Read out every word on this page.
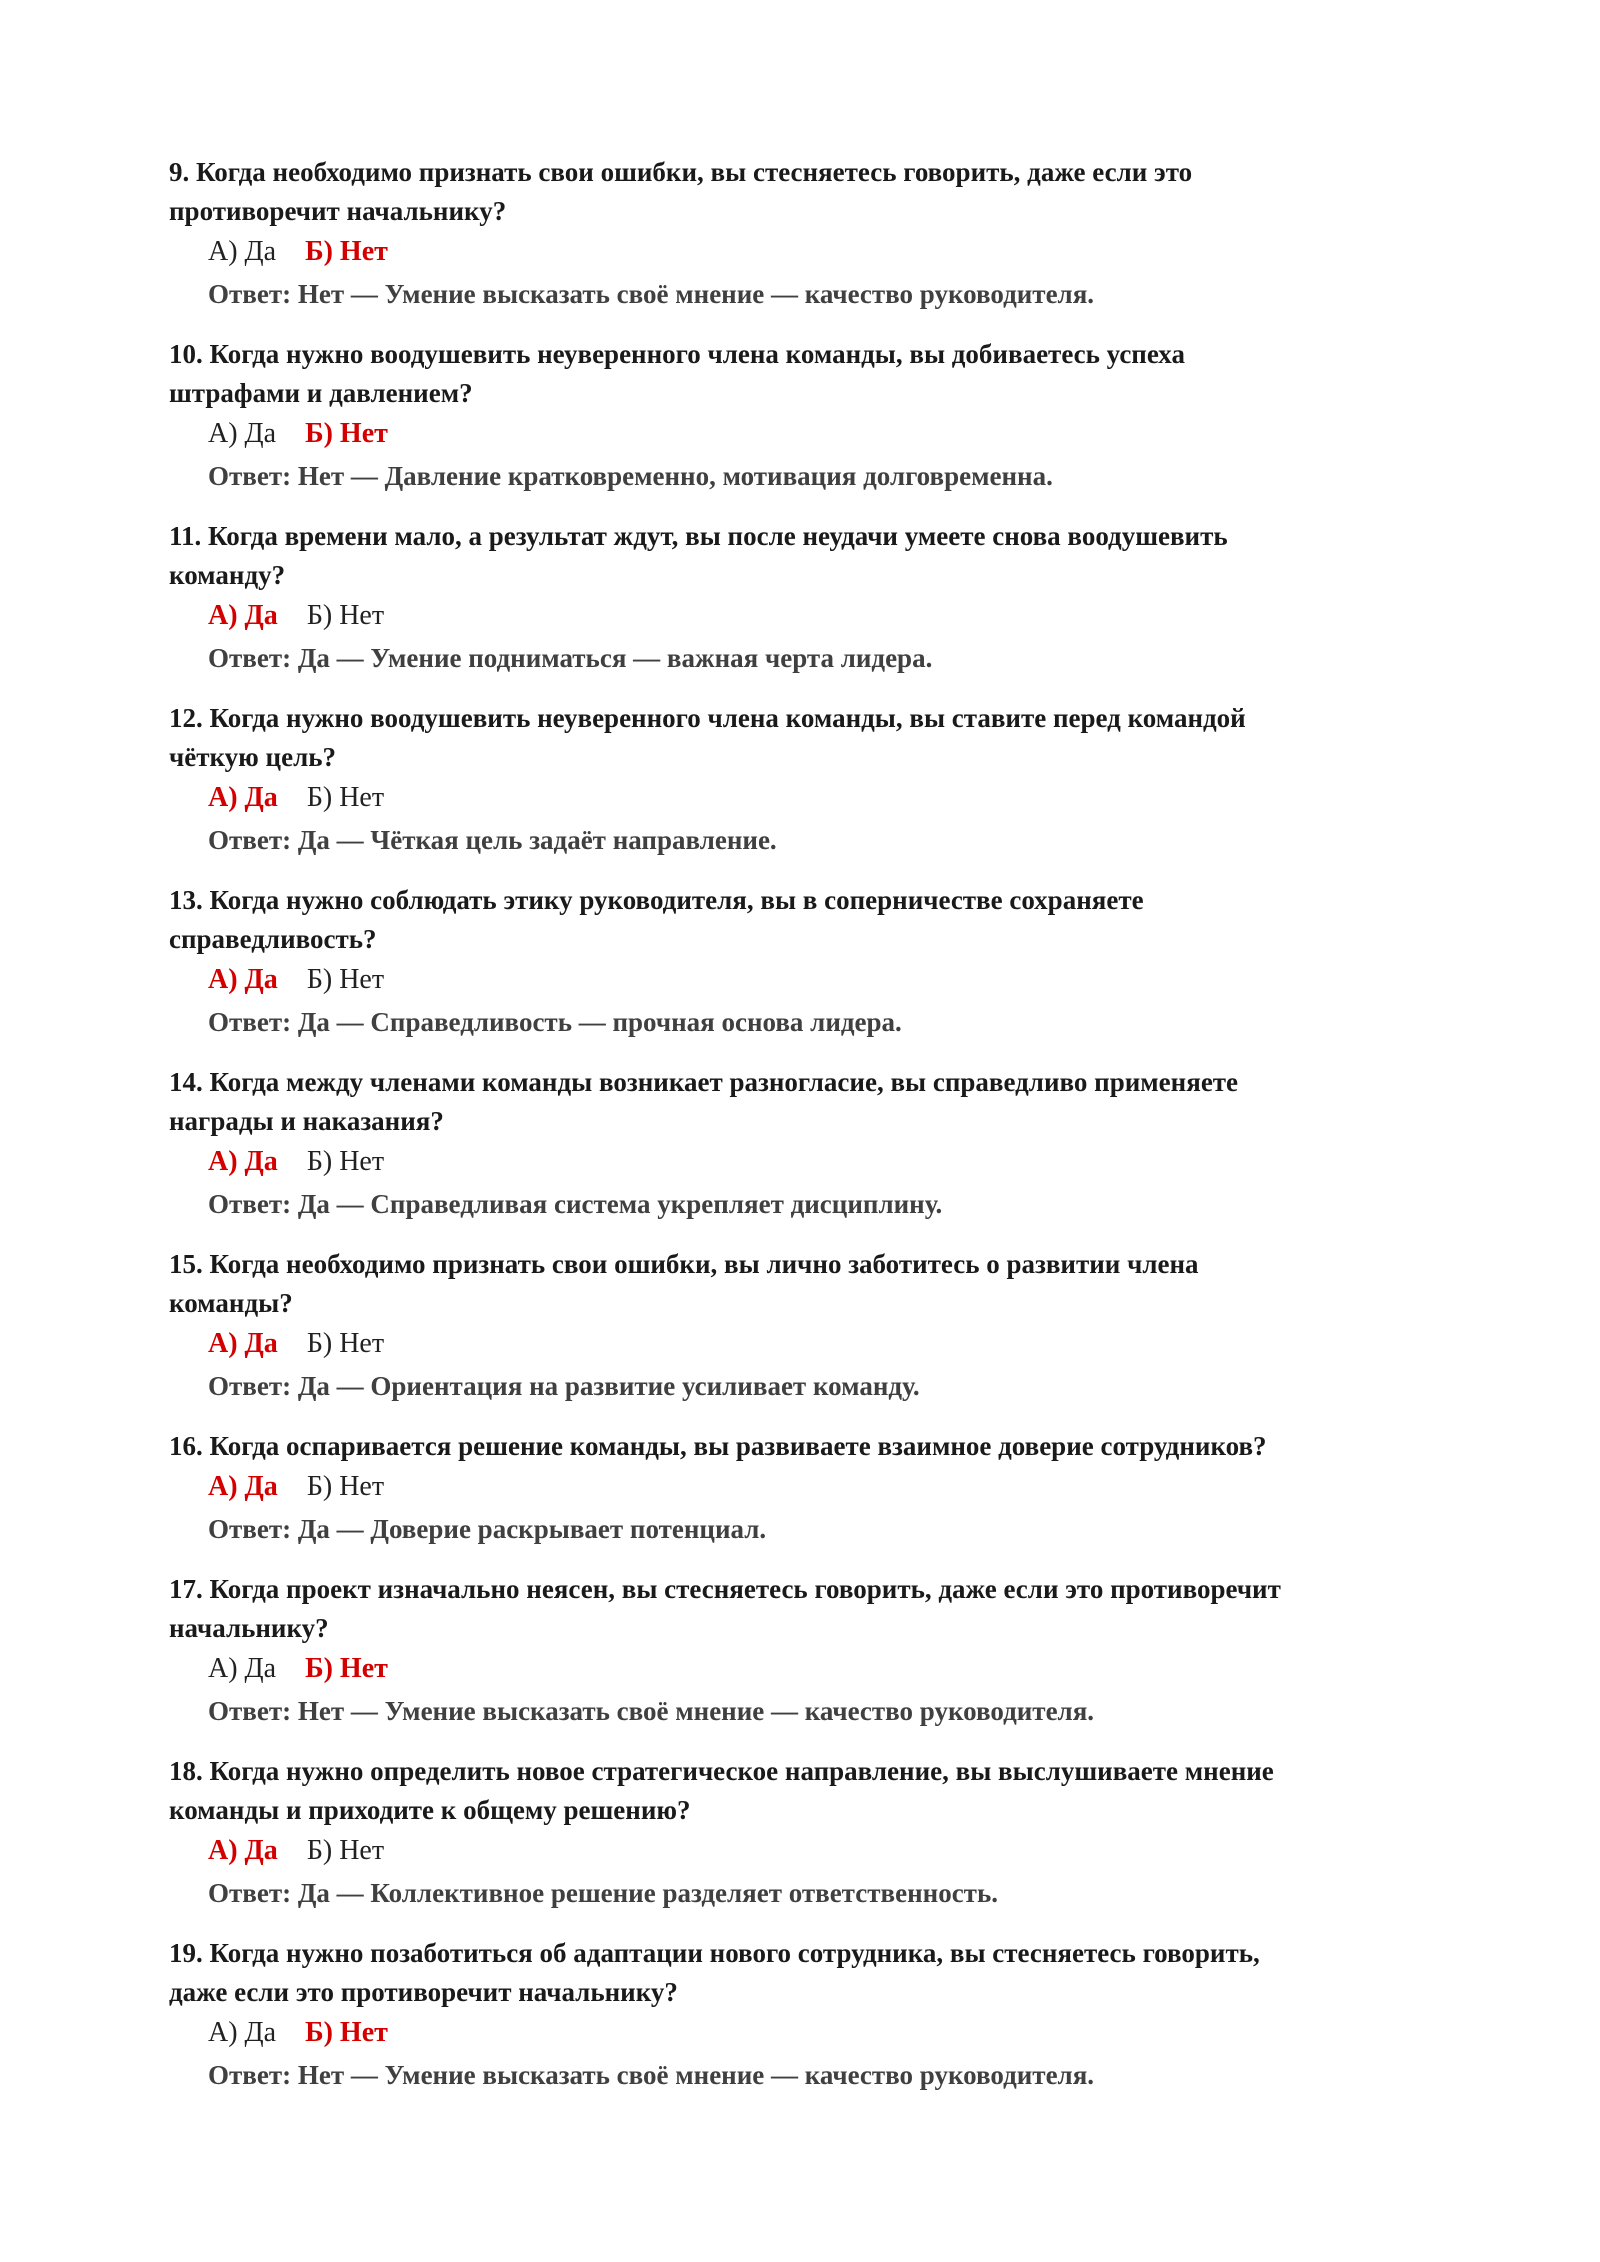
9. Когда необходимо признать свои ошибки, вы стесняетесь говорить, даже если это
противоречит начальнику?
А) Да Б) Нет
Ответ: Нет — Умение высказать своё мнение — качество руководителя.
10. Когда нужно воодушевить неуверенного члена команды, вы добиваетесь успеха
штрафами и давлением?
А) Да Б) Нет
Ответ: Нет — Давление кратковременно, мотивация долговременна.
11. Когда времени мало, а результат ждут, вы после неудачи умеете снова воодушевить
команду?
А) Да Б) Нет
Ответ: Да — Умение подниматься — важная черта лидера.
12. Когда нужно воодушевить неуверенного члена команды, вы ставите перед командой
чёткую цель?
А) Да Б) Нет
Ответ: Да — Чёткая цель задаёт направление.
13. Когда нужно соблюдать этику руководителя, вы в соперничестве сохраняете
справедливость?
А) Да Б) Нет
Ответ: Да — Справедливость — прочная основа лидера.
14. Когда между членами команды возникает разногласие, вы справедливо применяете
награды и наказания?
А) Да Б) Нет
Ответ: Да — Справедливая система укрепляет дисциплину.
15. Когда необходимо признать свои ошибки, вы лично заботитесь о развитии члена
команды?
А) Да Б) Нет
Ответ: Да — Ориентация на развитие усиливает команду.
16. Когда оспаривается решение команды, вы развиваете взаимное доверие сотрудников?
А) Да Б) Нет
Ответ: Да — Доверие раскрывает потенциал.
17. Когда проект изначально неясен, вы стесняетесь говорить, даже если это противоречит
начальнику?
А) Да Б) Нет
Ответ: Нет — Умение высказать своё мнение — качество руководителя.
18. Когда нужно определить новое стратегическое направление, вы выслушиваете мнение
команды и приходите к общему решению?
А) Да Б) Нет
Ответ: Да — Коллективное решение разделяет ответственность.
19. Когда нужно позаботиться об адаптации нового сотрудника, вы стесняетесь говорить,
даже если это противоречит начальнику?
А) Да Б) Нет
Ответ: Нет — Умение высказать своё мнение — качество руководителя.
